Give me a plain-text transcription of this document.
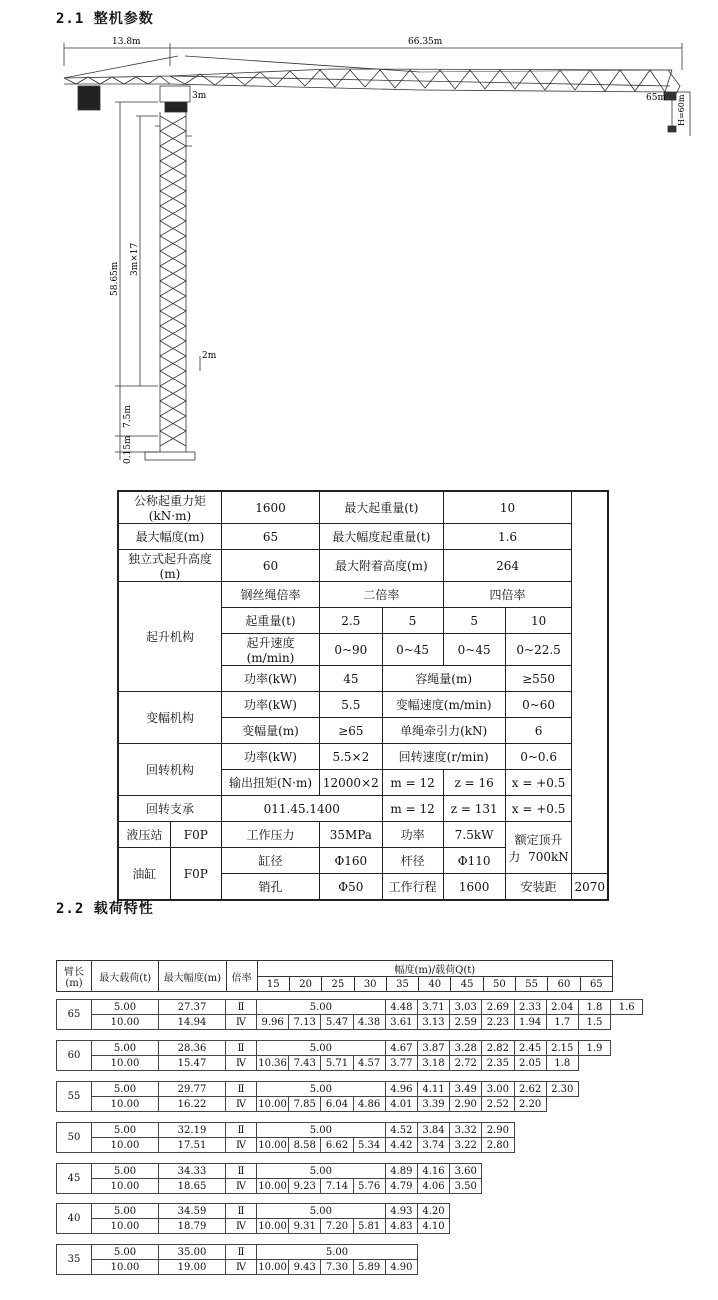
2.1 整机参数
13.8m	66.35m
3m
58.65m
3m×17
2m
7.5m
0.15m
65m H=60m
公称起重力矩(kN·m)		1600	最大起重量(t)		10		
最大幅度(m)		65	最大幅度起重量(t)		1.6		
独立式起升高度(m)		60	最大附着高度(m)		264		
起升机构		钢丝绳倍率	二倍率		四倍率		
		起重量(t)	2.5	5	5	10	
		起升速度(m/min)	0~90	0~45	0~45	0~22.5	
		功率(kW)	45	容绳量(m)		≥550	
变幅机构		功率(kW)	5.5	变幅速度(m/min)		0~60	
		变幅量(m)	≥65	单绳牵引力(kN)		6	
回转机构		功率(kW)	5.5×2	回转速度(r/min)		0~0.6	
		输出扭矩(N·m)	12000×2	m = 12	z = 16	x = +0.5	
回转支承		011.45.1400		m = 12	z = 131	x = +0.5	
液压站	F0P	工作压力	35MPa	功率	7.5kW	额定顶升力 700kN	
油缸	F0P	缸径	Φ160	杆径	Φ110		
		销孔	Φ50	工作行程	1600	安装距	2070
2.2 载荷特性
臂长(m)	最大载荷(t)	最大幅度(m)	倍率	幅度(m)/载荷Q(t)										
				15	20	25	30	35	40	45	50	55	60	65
65	5.00	27.37	Ⅱ	5.00				4.48	3.71	3.03	2.69	2.33	2.04	1.8	1.6
	10.00	14.94	Ⅳ	9.96	7.13	5.47	4.38	3.61	3.13	2.59	2.23	1.94	1.7	1.5	
60	5.00	28.36	Ⅱ	5.00				4.67	3.87	3.28	2.82	2.45	2.15	1.9
	10.00	15.47	Ⅳ	10.36	7.43	5.71	4.57	3.77	3.18	2.72	2.35	2.05	1.8	
55	5.00	29.77	Ⅱ	5.00				4.96	4.11	3.49	3.00	2.62	2.30
	10.00	16.22	Ⅳ	10.00	7.85	6.04	4.86	4.01	3.39	2.90	2.52	2.20	
50	5.00	32.19	Ⅱ	5.00				4.52	3.84	3.32	2.90
	10.00	17.51	Ⅳ	10.00	8.58	6.62	5.34	4.42	3.74	3.22	2.80
45	5.00	34.33	Ⅱ	5.00				4.89	4.16	3.60
	10.00	18.65	Ⅳ	10.00	9.23	7.14	5.76	4.79	4.06	3.50
40	5.00	34.59	Ⅱ	5.00				4.93	4.20
	10.00	18.79	Ⅳ	10.00	9.31	7.20	5.81	4.83	4.10
35	5.00	35.00	Ⅱ	5.00				
	10.00	19.00	Ⅳ	10.00	9.43	7.30	5.89	4.90
